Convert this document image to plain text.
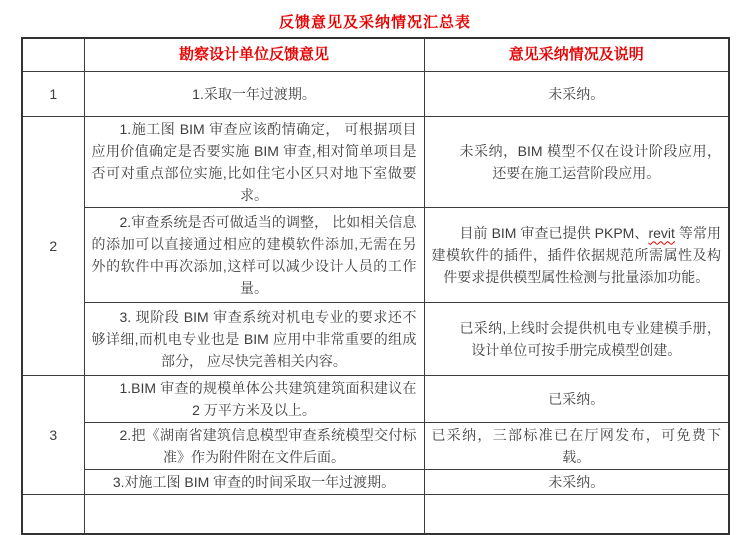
反馈意见及采纳情况汇总表
	勘察设计单位反馈意见	意见采纳情况及说明
1	1.采取一年过渡期。	未采纳。
2	1.施工图 BIM 审查应该酌情确定， 可根据项目应用价值确定是否要实施 BIM 审查,相对简单项目是否可对重点部位实施,比如住宅小区只对地下室做要求。	未采纳，BIM 模型不仅在设计阶段应用，还要在施工运营阶段应用。
	2.审查系统是否可做适当的调整， 比如相关信息的添加可以直接通过相应的建模软件添加,无需在另外的软件中再次添加,这样可以减少设计人员的工作量。	目前 BIM 审查已提供 PKPM、revit 等常用建模软件的插件，插件依据规范所需属性及构件要求提供模型属性检测与批量添加功能。
	3. 现阶段 BIM 审查系统对机电专业的要求还不够详细,而机电专业也是 BIM 应用中非常重要的组成部分， 应尽快完善相关内容。	已采纳,上线时会提供机电专业建模手册，设计单位可按手册完成模型创建。
3	1.BIM 审查的规模单体公共建筑建筑面积建议在 2 万平方米及以上。	已采纳。
	2.把《湖南省建筑信息模型审查系统模型交付标准》作为附件附在文件后面。	已采纳，三部标准已在厅网发布，可免费下载。
	3.对施工图 BIM 审查的时间采取一年过渡期。	未采纳。
